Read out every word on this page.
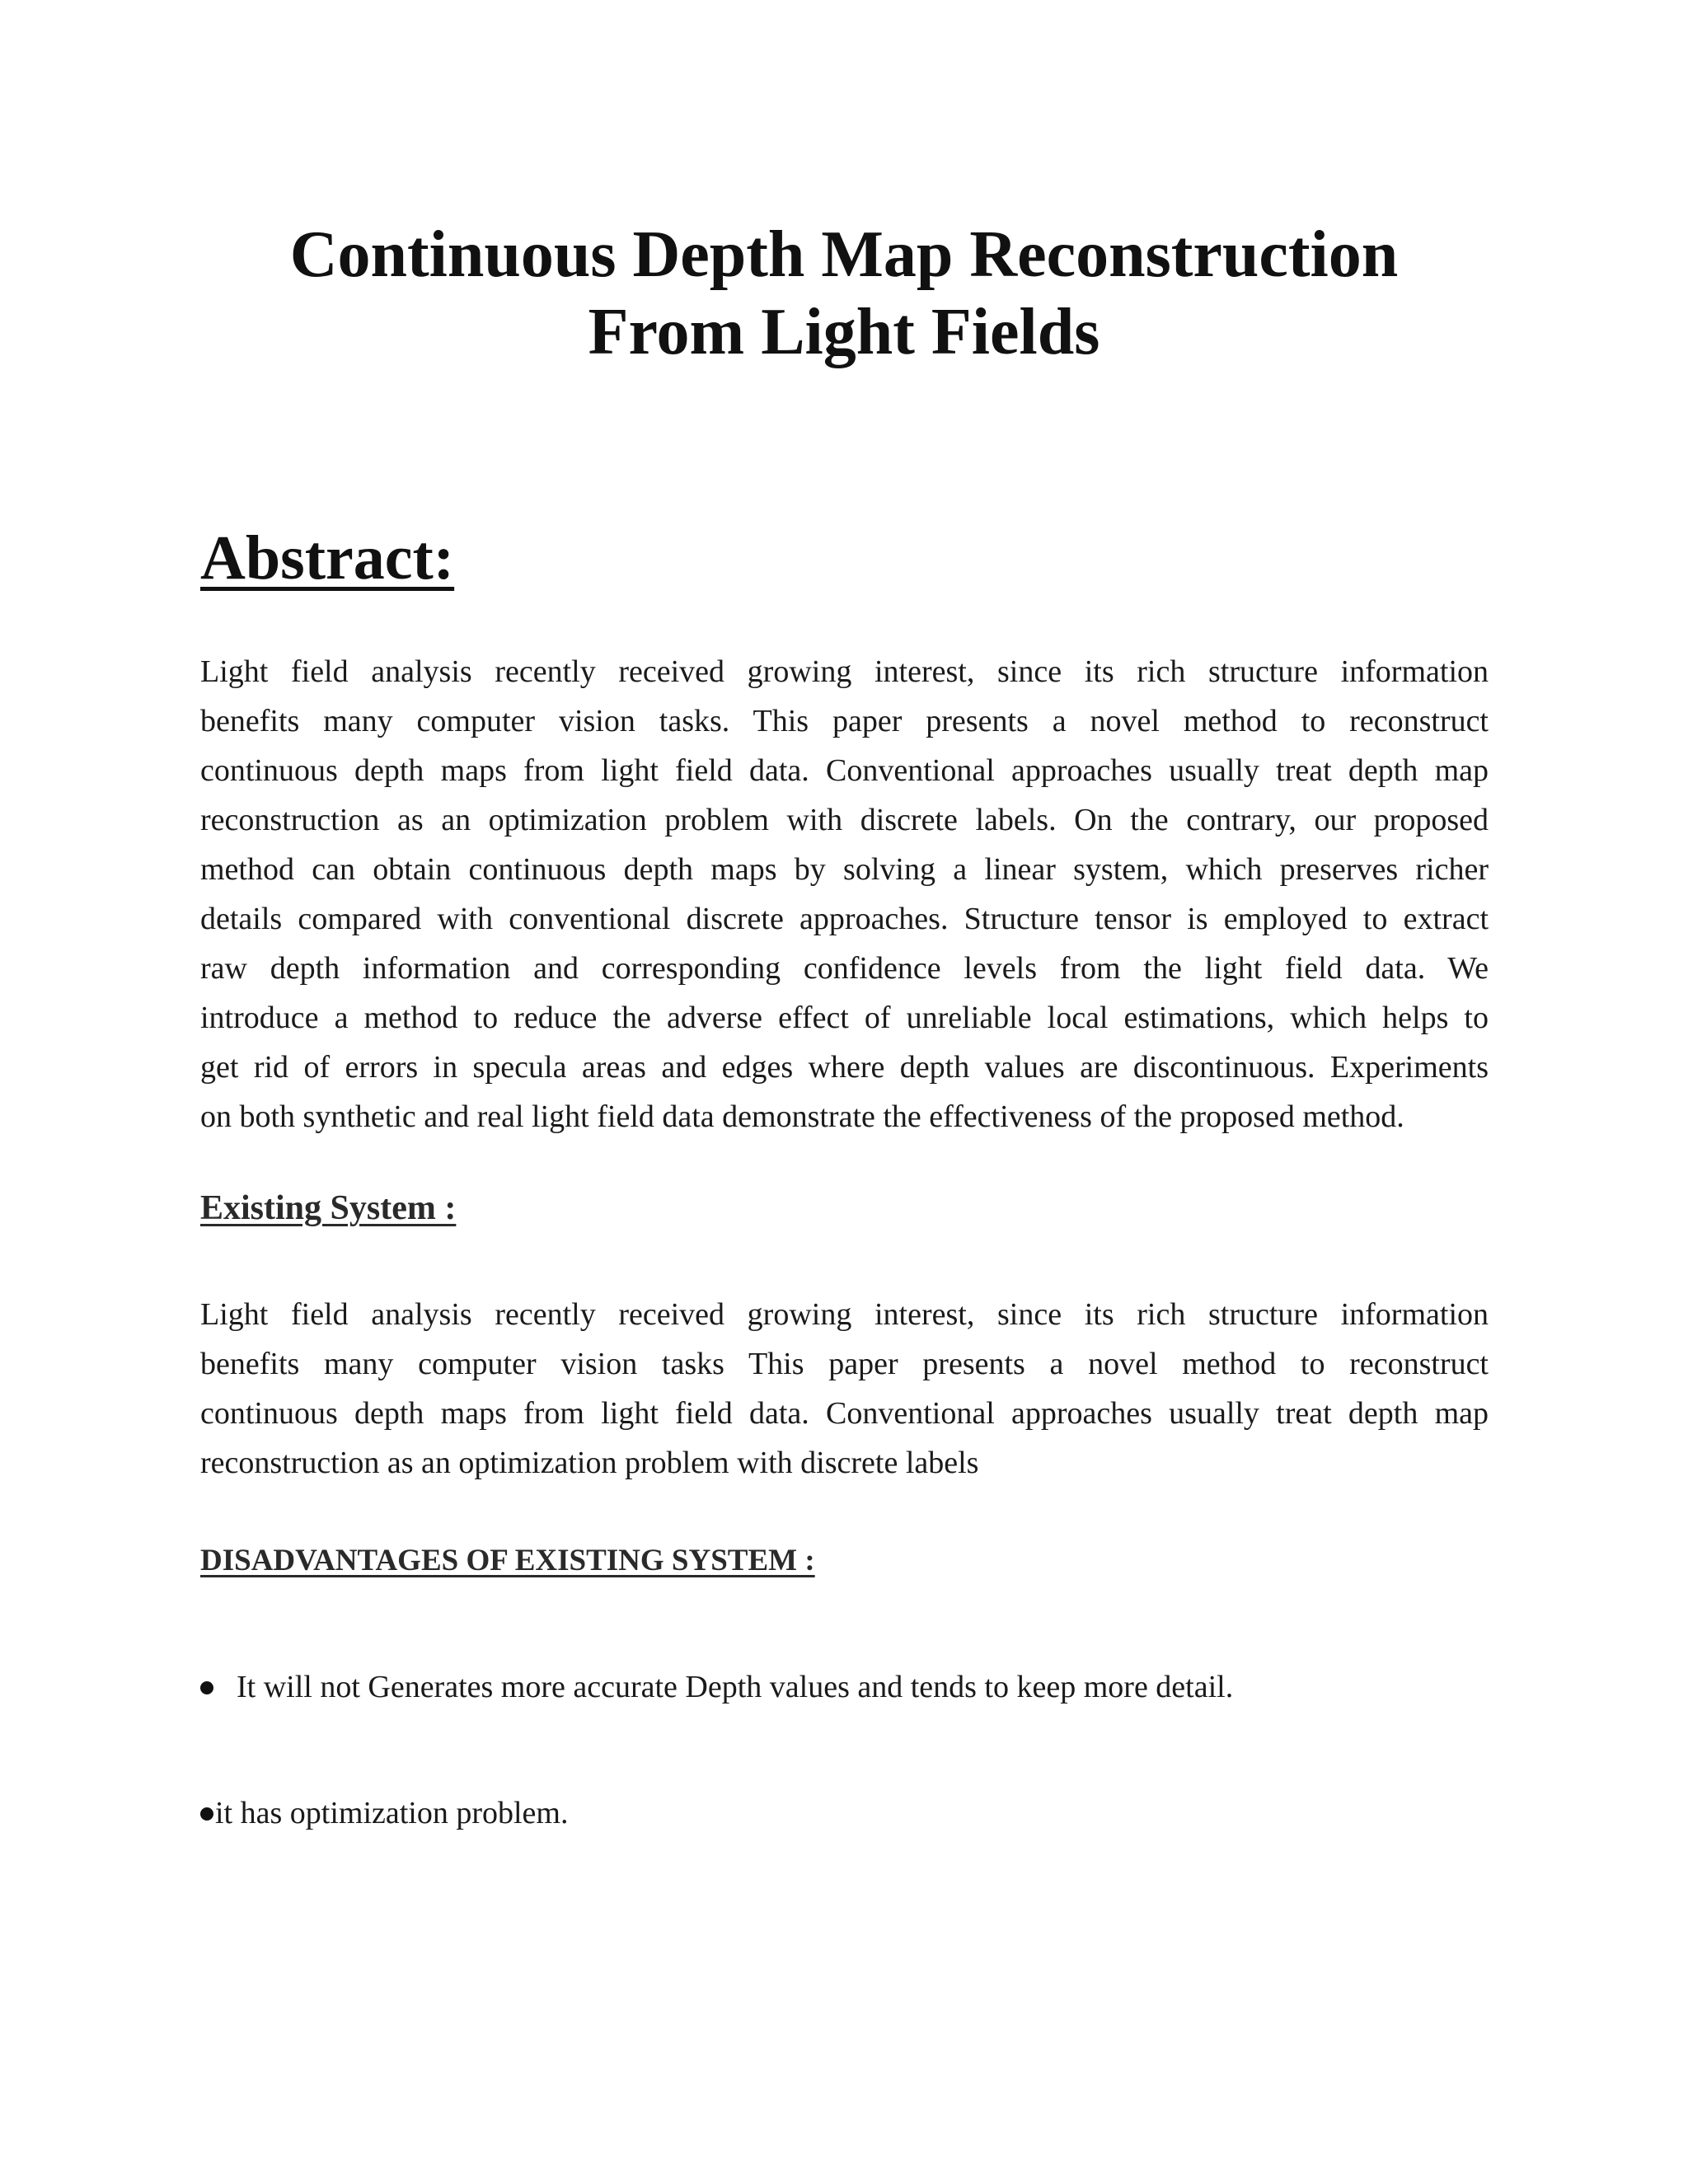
Continuous Depth Map Reconstruction
From Light Fields
Abstract:
Light field analysis recently received growing interest, since its rich structure information
benefits many computer vision tasks. This paper presents a novel method to reconstruct
continuous depth maps from light field data. Conventional approaches usually treat depth map
reconstruction as an optimization problem with discrete labels. On the contrary, our proposed
method can obtain continuous depth maps by solving a linear system, which preserves richer
details compared with conventional discrete approaches. Structure tensor is employed to extract
raw depth information and corresponding confidence levels from the light field data. We
introduce a method to reduce the adverse effect of unreliable local estimations, which helps to
get rid of errors in specula areas and edges where depth values are discontinuous. Experiments
on both synthetic and real light field data demonstrate the effectiveness of the proposed method.
Existing System :
Light field analysis recently received growing interest, since its rich structure information
benefits many computer vision tasks This paper presents a novel method to reconstruct
continuous depth maps from light field data. Conventional approaches usually treat depth map
reconstruction as an optimization problem with discrete labels
DISADVANTAGES OF EXISTING SYSTEM :

It will not Generates more accurate Depth values and tends to keep more detail.

it has optimization problem.
